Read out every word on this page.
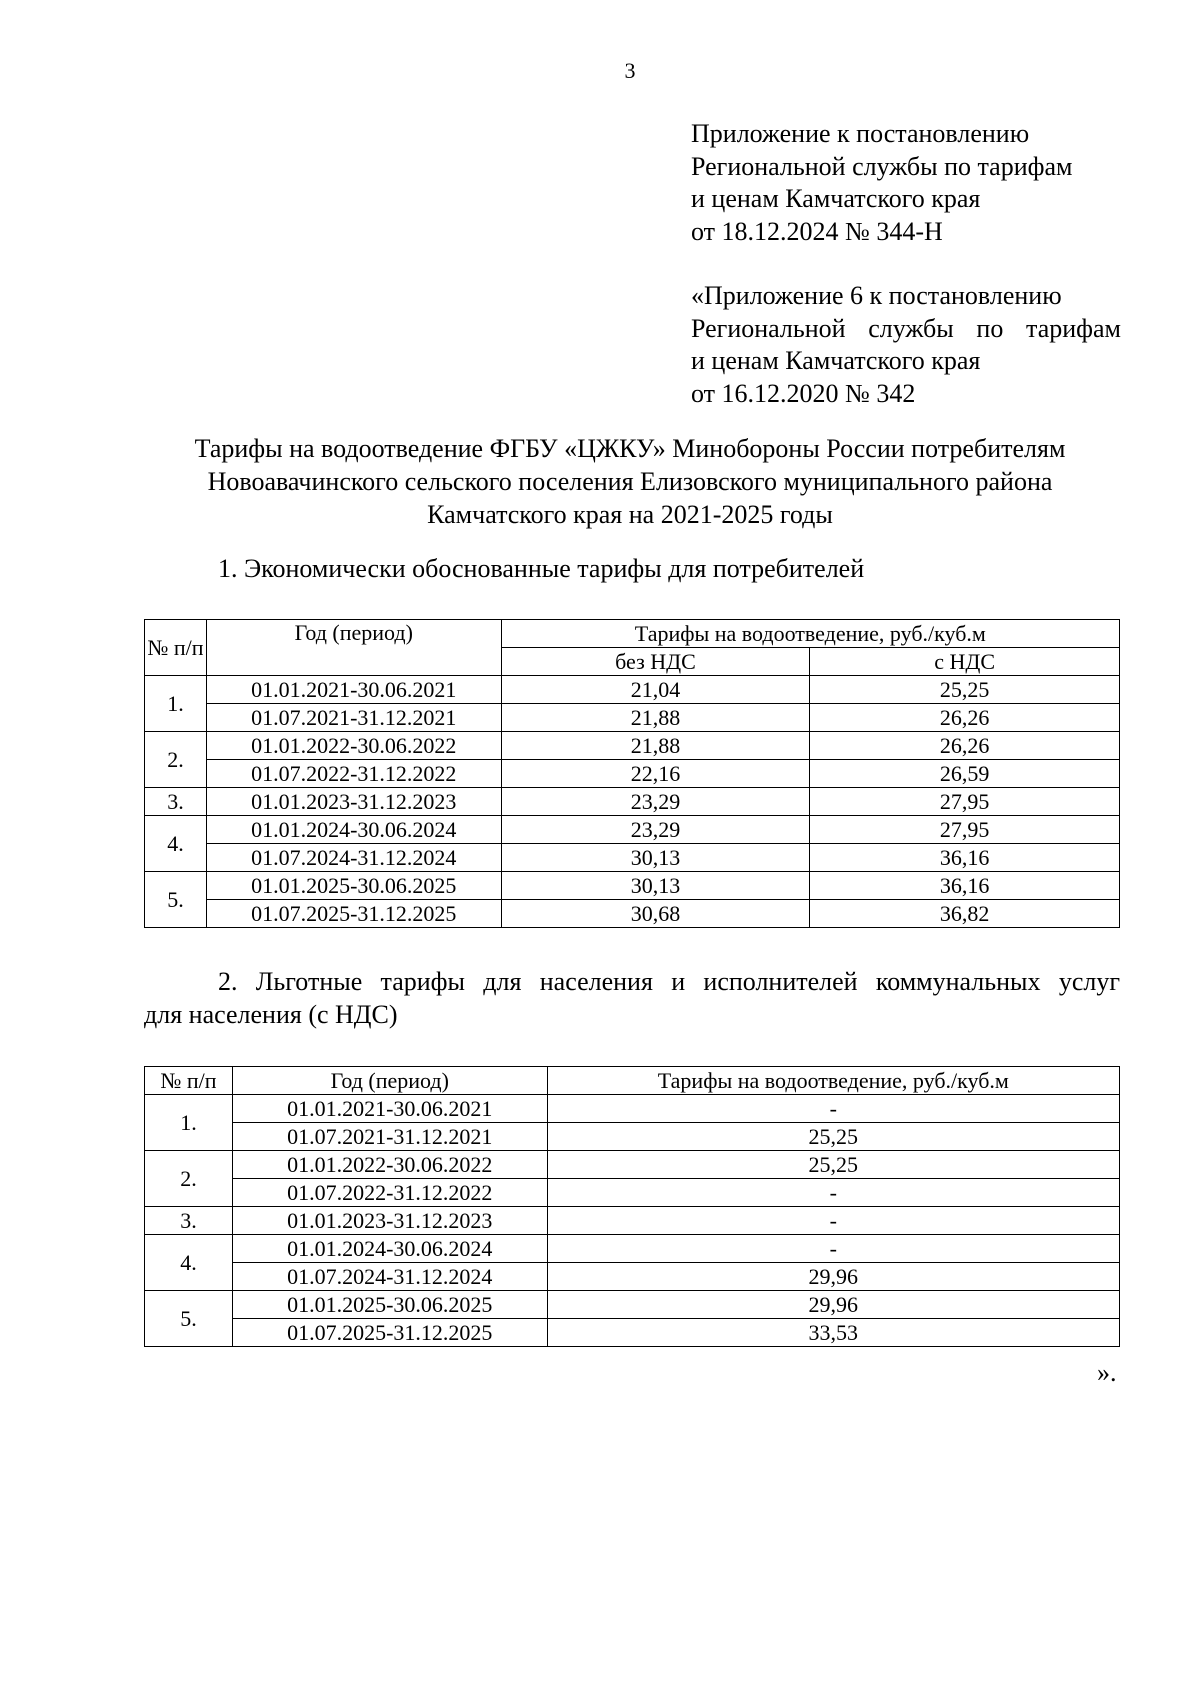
3
Приложение к постановлению
Региональной службы по тарифам
и ценам Камчатского края
от 18.12.2024 № 344-Н
«Приложение 6 к постановлению
Региональной службы по тарифам
и ценам Камчатского края
от 16.12.2020 № 342
Тарифы на водоотведение ФГБУ «ЦЖКУ» Минобороны России потребителям
Новоавачинского сельского поселения Елизовского муниципального района
Камчатского края на 2021-2025 годы
1. Экономически обоснованные тарифы для потребителей
№ п/п	Год (период)	Тарифы на водоотведение, руб./куб.м	
		без НДС	с НДС
1.	01.01.2021-30.06.2021	21,04	25,25
	01.07.2021-31.12.2021	21,88	26,26
2.	01.01.2022-30.06.2022	21,88	26,26
	01.07.2022-31.12.2022	22,16	26,59
3.	01.01.2023-31.12.2023	23,29	27,95
4.	01.01.2024-30.06.2024	23,29	27,95
	01.07.2024-31.12.2024	30,13	36,16
5.	01.01.2025-30.06.2025	30,13	36,16
	01.07.2025-31.12.2025	30,68	36,82
2. Льготные тарифы для населения и исполнителей коммунальных услуг
для населения (с НДС)
№ п/п	Год (период)	Тарифы на водоотведение, руб./куб.м
1.	01.01.2021-30.06.2021	-
	01.07.2021-31.12.2021	25,25
2.	01.01.2022-30.06.2022	25,25
	01.07.2022-31.12.2022	-
3.	01.01.2023-31.12.2023	-
4.	01.01.2024-30.06.2024	-
	01.07.2024-31.12.2024	29,96
5.	01.01.2025-30.06.2025	29,96
	01.07.2025-31.12.2025	33,53
».
